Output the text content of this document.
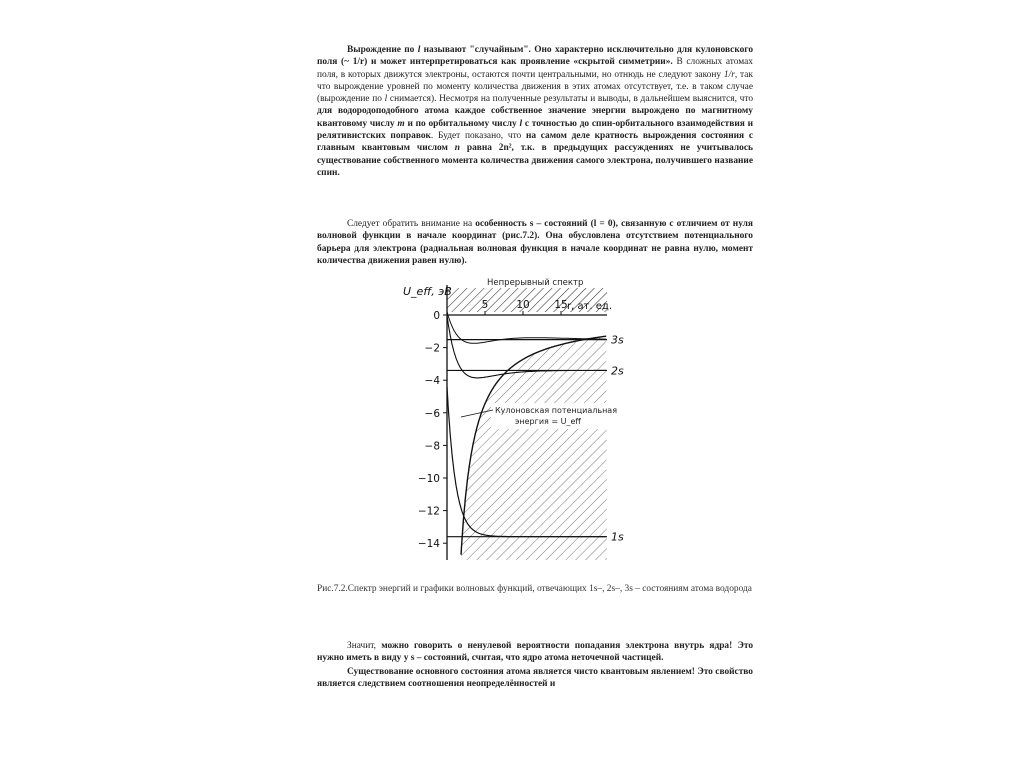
Вырождение по l называют "случайным". Оно характерно исключительно для кулоновского поля (~ 1/r) и может интерпретироваться как проявление «скрытой симметрии». В сложных атомах поля, в которых движутся электроны, остаются почти центральными, но отнюдь не следуют закону 1/r, так что вырождение уровней по моменту количества движения в этих атомах отсутствует, т.е. в таком случае (вырождение по l снимается). Несмотря на полученные результаты и выводы, в дальнейшем выяснится, что для водородоподобного атома каждое собственное значение энергии вырождено по магнитному квантовому числу m и по орбитальному числу l с точностью до спин-орбитального взаимодействия и релятивистских поправок. Будет показано, что на самом деле кратность вырождения состояния с главным квантовым числом n равна 2n², т.к. в предыдущих рассуждениях не учитывалось существование собственного момента количества движения самого электрона, получившего название спин.

Следует обратить внимание на особенность s – состояний (l = 0), связанную с отличием от нуля волновой функции в начале координат (рис.7.2). Она обусловлена отсутствием потенциального барьера для электрона (радиальная волновая функция в начале координат не равна нулю, момент количества движения равен нулю).

0
−2
−4
−6
−8
−10
−12
−14
5	10 15
3s
2s
1s
U_eff, эВ
Непрерывный спектр
r, ат. ед.
Кулоновская потенциальная
энергия = U_eff
Рис.7.2.Спектр энергий и графики волновых функций, отвечающих 1s–, 2s–, 3s – состояниям атома водорода

Значит, можно говорить о ненулевой вероятности попадания электрона внутрь ядра! Это нужно иметь в виду у s – состояний, считая, что ядро атома неточечной частицей.

Существование основного состояния атома является чисто квантовым явлением! Это свойство является следствием соотношения неопределённостей и
